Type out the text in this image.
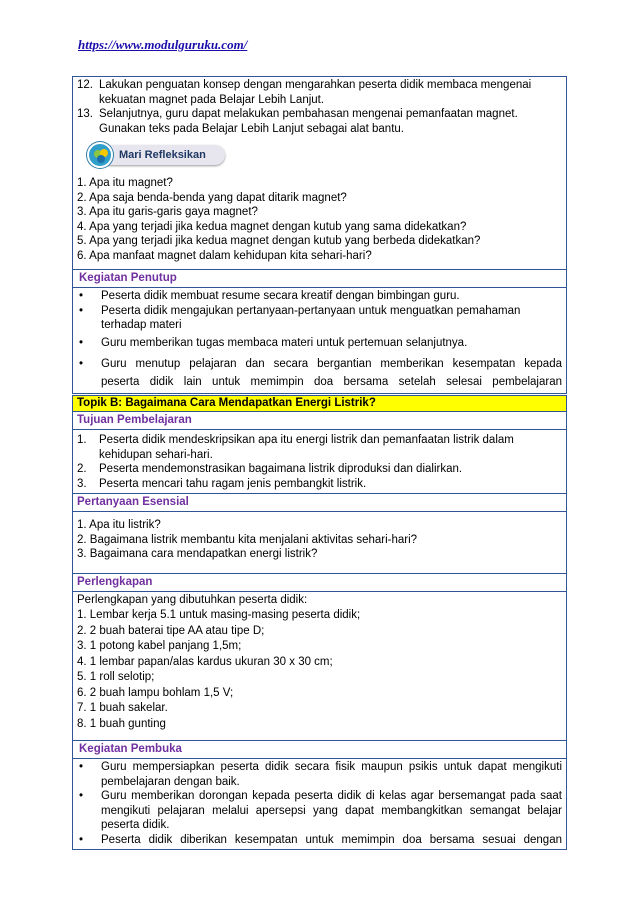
https://www.modulguruku.com/
12. Lakukan penguatan konsep dengan mengarahkan peserta didik membaca mengenai kekuatan magnet pada Belajar Lebih Lanjut.
13. Selanjutnya, guru dapat melakukan pembahasan mengenai pemanfaatan magnet. Gunakan teks pada Belajar Lebih Lanjut sebagai alat bantu.
Mari Refleksikan
1. Apa itu magnet?
2. Apa saja benda-benda yang dapat ditarik magnet?
3. Apa itu garis-garis gaya magnet?
4. Apa yang terjadi jika kedua magnet dengan kutub yang sama didekatkan?
5. Apa yang terjadi jika kedua magnet dengan kutub yang berbeda didekatkan?
6. Apa manfaat magnet dalam kehidupan kita sehari-hari?
Kegiatan Penutup
•	Peserta didik membuat resume secara kreatif dengan bimbingan guru.
•	Peserta didik mengajukan pertanyaan-pertanyaan untuk menguatkan pemahaman terhadap materi
•	Guru memberikan tugas membaca materi untuk pertemuan selanjutnya.
•	Guru menutup pelajaran dan secara bergantian memberikan kesempatan kepada peserta didik lain untuk memimpin doa bersama setelah selesai pembelajaran
Topik B: Bagaimana Cara Mendapatkan Energi Listrik?
Tujuan Pembelajaran
1.	Peserta didik mendeskripsikan apa itu energi listrik dan pemanfaatan listrik dalam kehidupan sehari-hari.
2.	Peserta mendemonstrasikan bagaimana listrik diproduksi dan dialirkan.
3.	Peserta mencari tahu ragam jenis pembangkit listrik.
Pertanyaan Esensial
1. Apa itu listrik?
2. Bagaimana listrik membantu kita menjalani aktivitas sehari-hari?
3. Bagaimana cara mendapatkan energi listrik?
Perlengkapan
Perlengkapan yang dibutuhkan peserta didik:
1. Lembar kerja 5.1 untuk masing-masing peserta didik;
2. 2 buah baterai tipe AA atau tipe D;
3. 1 potong kabel panjang 1,5m;
4. 1 lembar papan/alas kardus ukuran 30 x 30 cm;
5. 1 roll selotip;
6. 2 buah lampu bohlam 1,5 V;
7. 1 buah sakelar.
8. 1 buah gunting
Kegiatan Pembuka
•	Guru mempersiapkan peserta didik secara fisik maupun psikis untuk dapat mengikuti pembelajaran dengan baik.
•	Guru memberikan dorongan kepada peserta didik di kelas agar bersemangat pada saat mengikuti pelajaran melalui apersepsi yang dapat membangkitkan semangat belajar peserta didik.
•	Peserta didik diberikan kesempatan untuk memimpin doa bersama sesuai dengan
